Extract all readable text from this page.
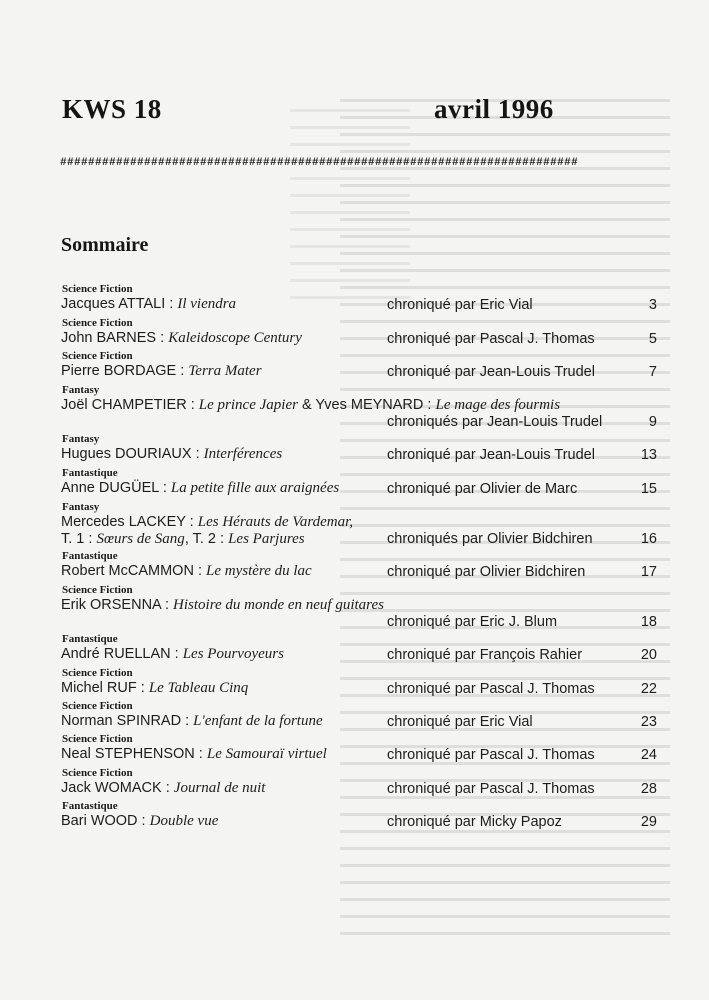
KWS 18	avril 1996
##########################################################################
Sommaire
Science Fiction
Jacques ATTALI : Il viendra	chroniqué par Eric Vial	3
Science Fiction
John BARNES : Kaleidoscope Century	chroniqué par Pascal J. Thomas	5
Science Fiction
Pierre BORDAGE : Terra Mater	chroniqué par Jean-Louis Trudel	7
Fantasy
Joël CHAMPETIER : Le prince Japier & Yves MEYNARD : Le mage des fourmis
chroniqués par Jean-Louis Trudel	9
Fantasy
Hugues DOURIAUX : Interférences	chroniqué par Jean-Louis Trudel	13
Fantastique
Anne DUGÜEL : La petite fille aux araignées	chroniqué par Olivier de Marc	15
Fantasy
Mercedes LACKEY : Les Hérauts de Vardemar,
T. 1 : Sœurs de Sang, T. 2 : Les Parjures	chroniqués par Olivier Bidchiren	16
Fantastique
Robert McCAMMON : Le mystère du lac	chroniqué par Olivier Bidchiren	17
Science Fiction
Erik ORSENNA : Histoire du monde en neuf guitares
chroniqué par Eric J. Blum	18
Fantastique
André RUELLAN : Les Pourvoyeurs	chroniqué par François Rahier	20
Science Fiction
Michel RUF : Le Tableau Cinq	chroniqué par Pascal J. Thomas	22
Science Fiction
Norman SPINRAD : L'enfant de la fortune	chroniqué par Eric Vial	23
Science Fiction
Neal STEPHENSON : Le Samouraï virtuel	chroniqué par Pascal J. Thomas	24
Science Fiction
Jack WOMACK : Journal de nuit	chroniqué par Pascal J. Thomas	28
Fantastique
Bari WOOD : Double vue	chroniqué par Micky Papoz	29
